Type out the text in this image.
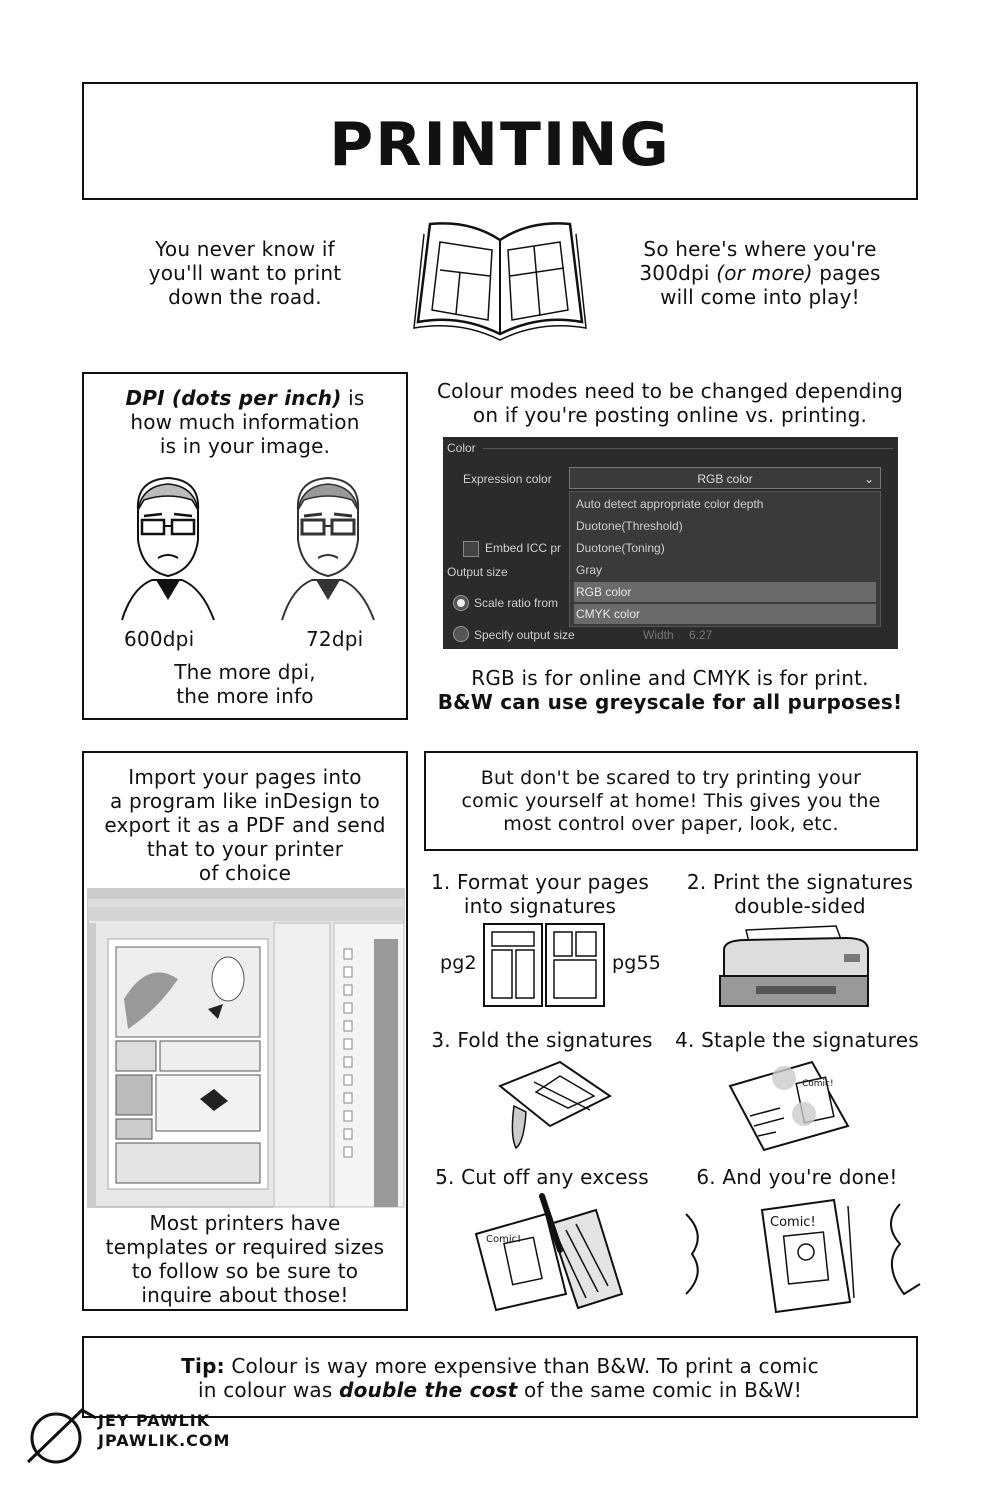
PRINTING
You never know if
you'll want to print
down the road.
So here's where you're
300dpi (or more) pages
will come into play!
DPI (dots per inch) is
how much information
is in your image.
600dpi	72dpi
The more dpi,
the more info
Colour modes need to be changed depending
on if you're posting online vs. printing.
Color
Expression color	RGB color	⌄
Embed ICC pr
Output size
Scale ratio from
Specify output size	Width 6.27
Auto detect appropriate color depth
Duotone(Threshold)
Duotone(Toning)
Gray
RGB color
CMYK color
RGB is for online and CMYK is for print.
B&W can use greyscale for all purposes!
Import your pages into
a program like inDesign to
export it as a PDF and send
that to your printer
of choice
Most printers have
templates or required sizes
to follow so be sure to
inquire about those!
But don't be scared to try printing your
comic yourself at home! This gives you the
most control over paper, look, etc.
1. Format your pages
into signatures
2. Print the signatures
double-sided
pg2	pg55
3. Fold the signatures	4. Staple the signatures
Comic!
5. Cut off any excess	6. And you're done!
Comic!
Comic!
Tip: Colour is way more expensive than B&W. To print a comic
in colour was double the cost of the same comic in B&W!
JEY PAWLIK
JPAWLIK.COM
